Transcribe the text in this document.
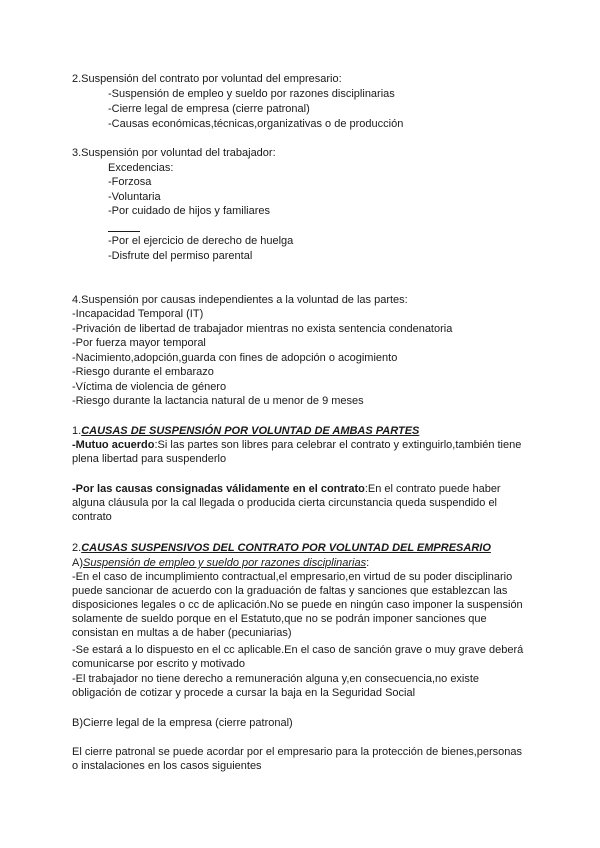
2.Suspensión del contrato por voluntad del empresario:
-Suspensión de empleo y sueldo por razones disciplinarias
-Cierre legal de empresa (cierre patronal)
-Causas económicas,técnicas,organizativas o de producción
3.Suspensión por voluntad del trabajador:
Excedencias:
-Forzosa
-Voluntaria
-Por cuidado de hijos y familiares
-Por el ejercicio de derecho de huelga
-Disfrute del permiso parental
4.Suspensión por causas independientes a la voluntad de las partes:
-Incapacidad Temporal (IT)
-Privación de libertad de trabajador mientras no exista sentencia condenatoria
-Por fuerza mayor temporal
-Nacimiento,adopción,guarda con fines de adopción o acogimiento
-Riesgo durante el embarazo
-Víctima de violencia de género
-Riesgo durante la lactancia natural de u menor de 9 meses
1.CAUSAS DE SUSPENSIÓN POR VOLUNTAD DE AMBAS PARTES
-Mutuo acuerdo:Si las partes son libres para celebrar el contrato y extinguirlo,también tiene plena libertad para suspenderlo
-Por las causas consignadas válidamente en el contrato:En el contrato puede haber alguna cláusula por la cal llegada o producida cierta circunstancia queda suspendido el contrato
2.CAUSAS SUSPENSIVOS DEL CONTRATO POR VOLUNTAD DEL EMPRESARIO
A)Suspensión de empleo y sueldo por razones disciplinarias:
-En el caso de incumplimiento contractual,el empresario,en virtud de su poder disciplinario puede sancionar de acuerdo con la graduación de faltas y sanciones que establezcan las disposiciones legales o cc de aplicación.No se puede en ningún caso imponer la suspensión solamente de sueldo porque en el Estatuto,que no se podrán imponer sanciones que consistan en multas a de haber (pecuniarias)
-Se estará a lo dispuesto en el cc aplicable.En el caso de sanción grave o muy grave deberá comunicarse por escrito y motivado
-El trabajador no tiene derecho a remuneración alguna y,en consecuencia,no existe obligación de cotizar y procede a cursar la baja en la Seguridad Social
B)Cierre legal de la empresa (cierre patronal)
El cierre patronal se puede acordar por el empresario para la protección de bienes,personas o instalaciones en los casos siguientes
